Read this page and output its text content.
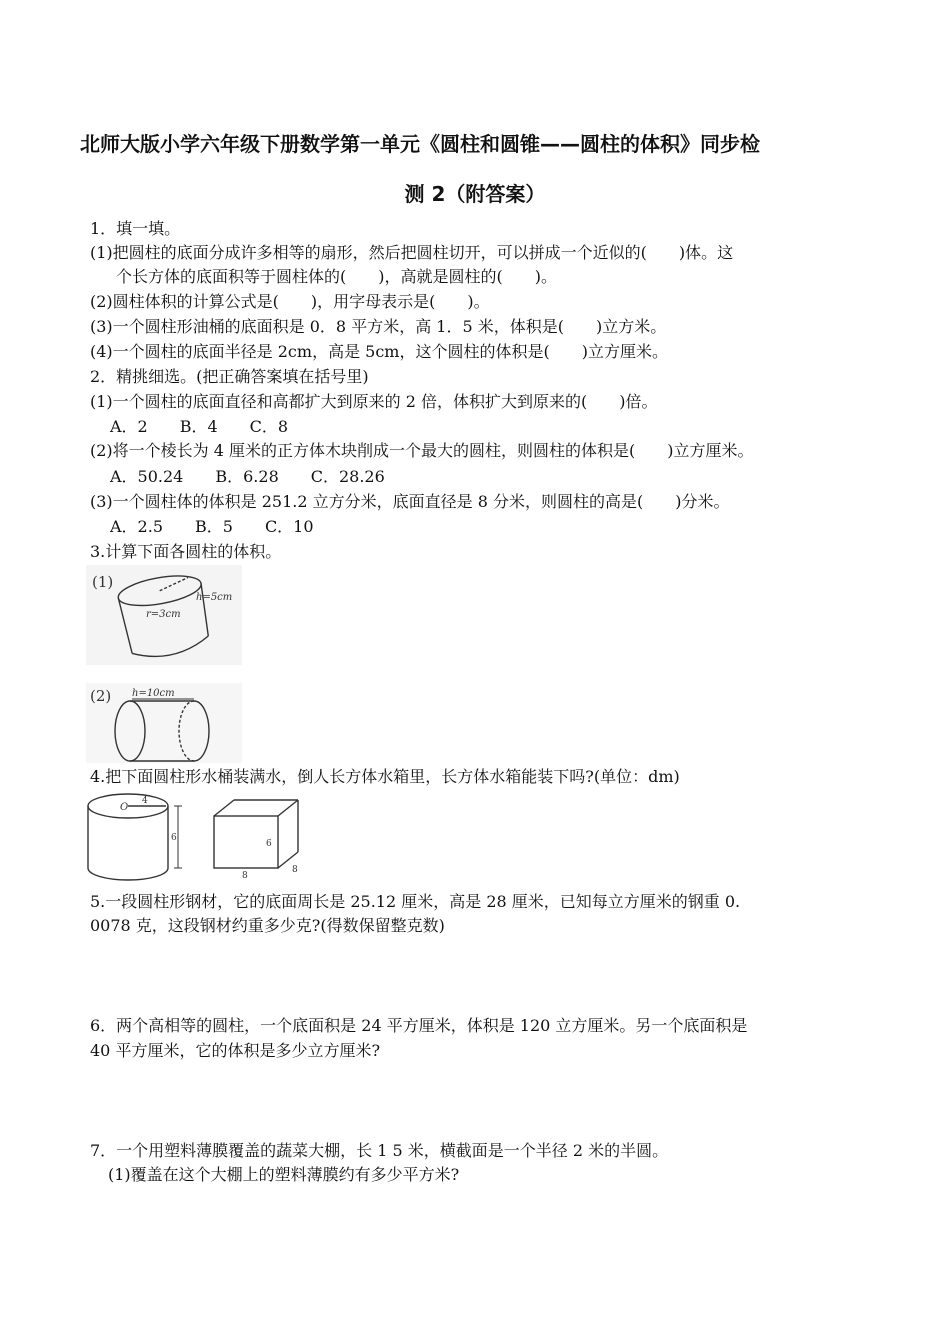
北师大版小学六年级下册数学第一单元《圆柱和圆锥——圆柱的体积》同步检
测 2（附答案）
1．填一填。
(1)把圆柱的底面分成许多相等的扇形，然后把圆柱切开，可以拼成一个近似的(　　)体。这
个长方体的底面积等于圆柱体的(　　)，高就是圆柱的(　　)。
(2)圆柱体积的计算公式是(　　)，用字母表示是(　　)。
(3)一个圆柱形油桶的底面积是 0．8 平方米，高 1．5 米，体积是(　　)立方米。
(4)一个圆柱的底面半径是 2cm，高是 5cm，这个圆柱的体积是(　　)立方厘米。
2．精挑细选。(把正确答案填在括号里)
(1)一个圆柱的底面直径和高都扩大到原来的 2 倍，体积扩大到原来的(　　)倍。
A．2　　B．4　　C．8
(2)将一个棱长为 4 厘米的正方体木块削成一个最大的圆柱，则圆柱的体积是(　　)立方厘米。
A．50.24　　B．6.28　　C．28.26
(3)一个圆柱体的体积是 251.2 立方分米，底面直径是 8 分米，则圆柱的高是(　　)分米。
A．2.5　　B．5　　C．10
3.计算下面各圆柱的体积。
(1)
h=5cm
r=3cm
(2) h=10cm
4.把下面圆柱形水桶装满水，倒人长方体水箱里，长方体水箱能装下吗?(单位：dm)
O
4
6
6
8
8
5.一段圆柱形钢材，它的底面周长是 25.12 厘米，高是 28 厘米，已知每立方厘米的钢重 0.
0078 克，这段钢材约重多少克?(得数保留整克数)
6．两个高相等的圆柱，一个底面积是 24 平方厘米，体积是 120 立方厘米。另一个底面积是
40 平方厘米，它的体积是多少立方厘米?
7．一个用塑料薄膜覆盖的蔬菜大棚，长 1 5 米，横截面是一个半径 2 米的半圆。
(1)覆盖在这个大棚上的塑料薄膜约有多少平方米?
